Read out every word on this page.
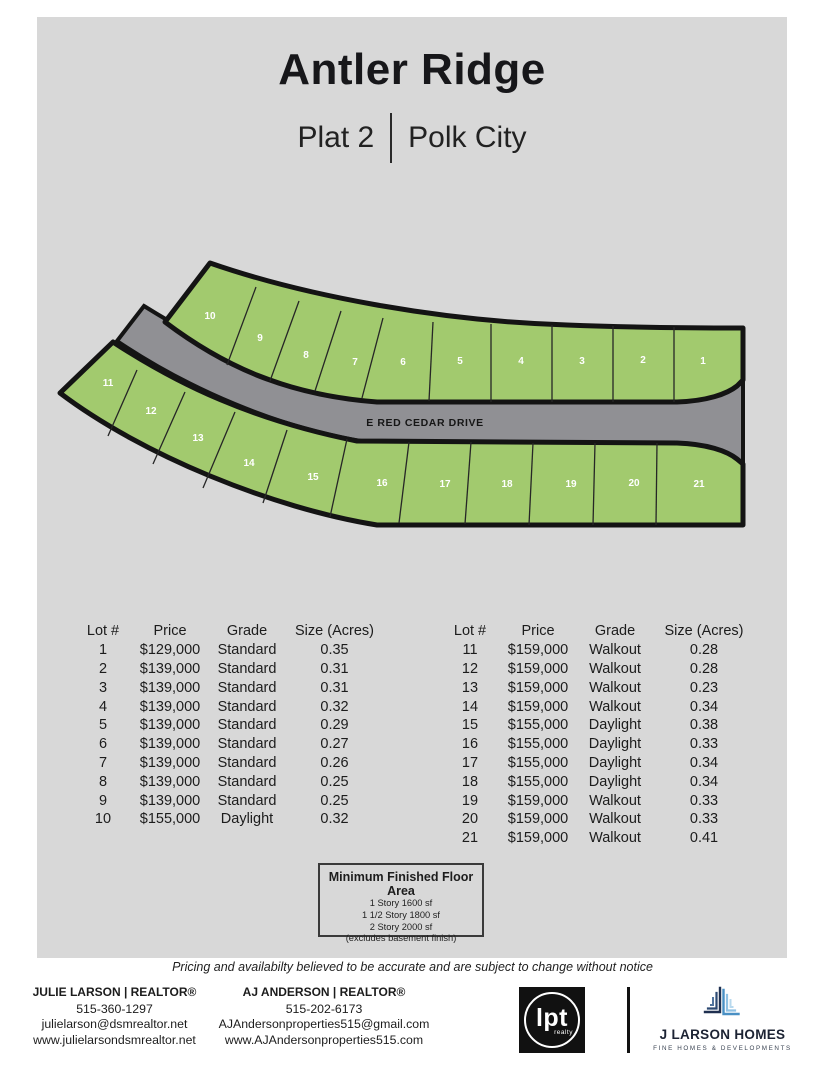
Antler Ridge
Plat 2 Polk City
10
9
8
7	6	5	4	3	2	1
11
12
13
14
15
16	17	18	19	20	21
E RED CEDAR DRIVE
Lot #	Price	Grade	Size (Acres)
1	$129,000	Standard	0.35
2	$139,000	Standard	0.31
3	$139,000	Standard	0.31
4	$139,000	Standard	0.32
5	$139,000	Standard	0.29
6	$139,000	Standard	0.27
7	$139,000	Standard	0.26
8	$139,000	Standard	0.25
9	$139,000	Standard	0.25
10	$155,000	Daylight	0.32
Lot #	Price	Grade	Size (Acres)
11	$159,000	Walkout	0.28
12	$159,000	Walkout	0.28
13	$159,000	Walkout	0.23
14	$159,000	Walkout	0.34
15	$155,000	Daylight	0.38
16	$155,000	Daylight	0.33
17	$155,000	Daylight	0.34
18	$155,000	Daylight	0.34
19	$159,000	Walkout	0.33
20	$159,000	Walkout	0.33
21	$159,000	Walkout	0.41
Minimum Finished Floor Area
1 Story 1600 sf
1 1/2 Story 1800 sf
2 Story 2000 sf
(excludes basement finish)
Pricing and availabilty believed to be accurate and are subject to change without notice
JULIE LARSON | REALTOR®
515-360-1297
julielarson@dsmrealtor.net
www.julielarsondsmrealtor.net
AJ ANDERSON | REALTOR®
515-202-6173
AJAndersonproperties515@gmail.com
www.AJAndersonproperties515.com
lpt
realty	J LARSON HOMES
FINE HOMES & DEVELOPMENTS
